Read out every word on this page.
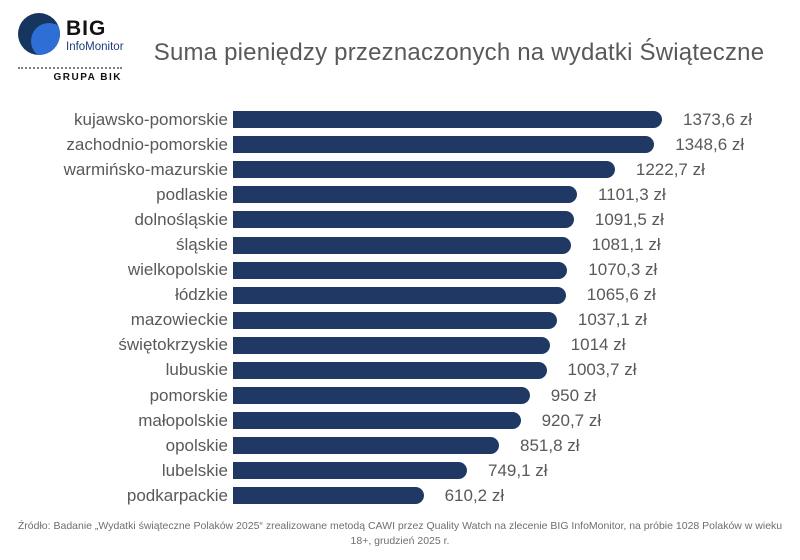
BIG
InfoMonitor
GRUPA BIK
Suma pieniędzy przeznaczonych na wydatki Świąteczne
kujawsko-pomorskie	1373,6 zł
zachodnio-pomorskie	1348,6 zł
warmińsko-mazurskie	1222,7 zł
podlaskie	1101,3 zł
dolnośląskie	1091,5 zł
śląskie	1081,1 zł
wielkopolskie	1070,3 zł
łódzkie	1065,6 zł
mazowieckie	1037,1 zł
świętokrzyskie	1014 zł
lubuskie	1003,7 zł
pomorskie	950 zł
małopolskie	920,7 zł
opolskie	851,8 zł
lubelskie	749,1 zł
podkarpackie	610,2 zł
Źródło: Badanie „Wydatki świąteczne Polaków 2025“ zrealizowane metodą CAWI przez Quality Watch na zlecenie BIG InfoMonitor, na próbie 1028 Polaków w wieku 18+, grudzień 2025 r.
